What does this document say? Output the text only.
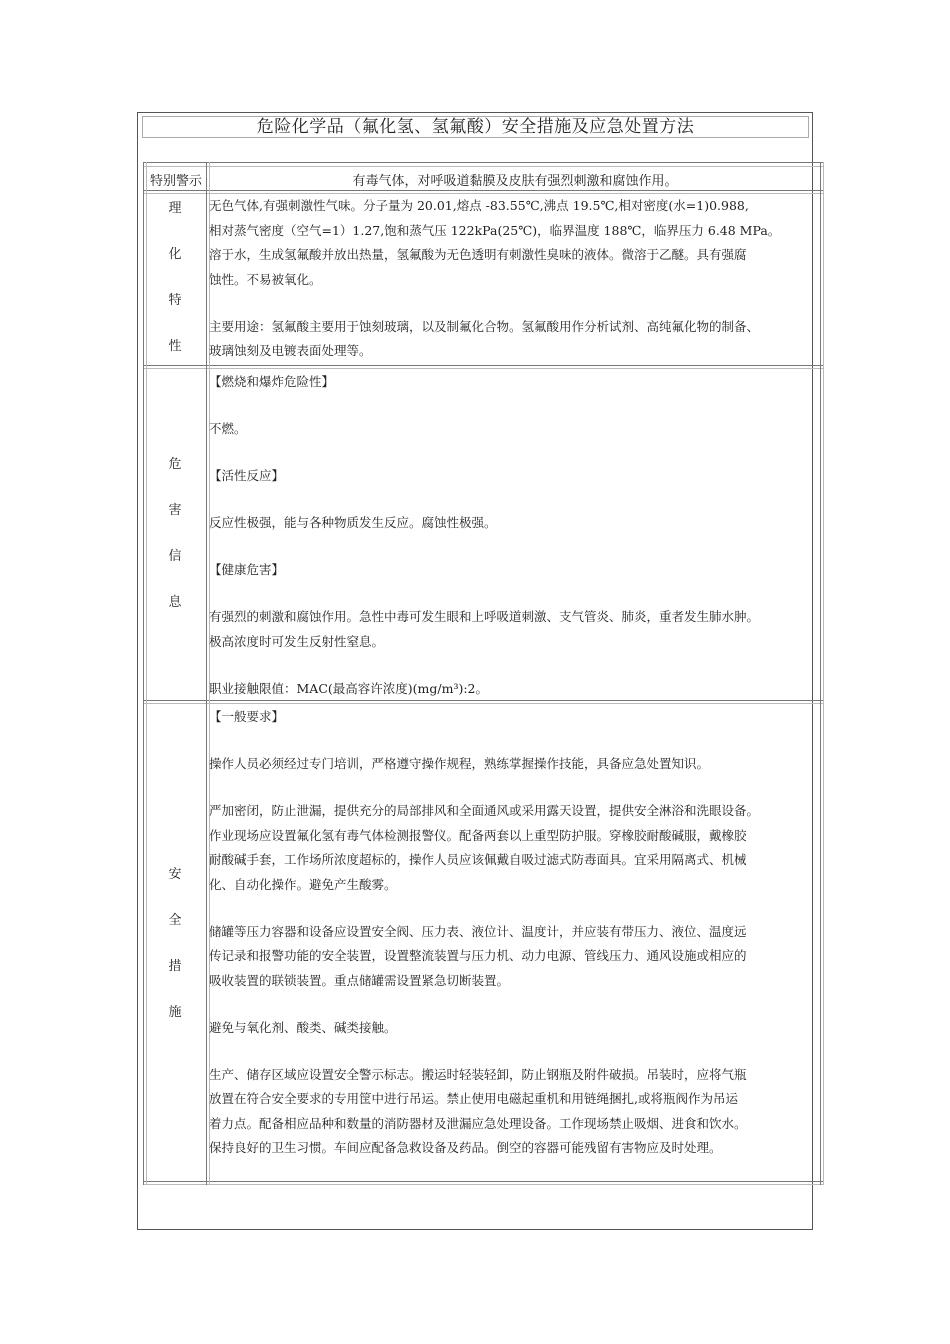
危险化学品（氟化氢、氢氟酸）安全措施及应急处置方法
特别警示	有毒气体，对呼吸道黏膜及皮肤有强烈刺激和腐蚀作用。
理
化
特
性
无色气体,有强刺激性气味。分子量为 20.01,熔点 -83.55℃,沸点 19.5℃,相对密度(水=1)0.988,
相对蒸气密度（空气=1）1.27,饱和蒸气压 122kPa(25℃)，临界温度 188℃，临界压力 6.48 MPa。
溶于水，生成氢氟酸并放出热量，氢氟酸为无色透明有刺激性臭味的液体。微溶于乙醚。具有强腐
蚀性。不易被氧化。
主要用途：氢氟酸主要用于蚀刻玻璃，以及制氟化合物。氢氟酸用作分析试剂、高纯氟化物的制备、
玻璃蚀刻及电镀表面处理等。
危
害
信
息
【燃烧和爆炸危险性】
不燃。
【活性反应】
反应性极强，能与各种物质发生反应。腐蚀性极强。
【健康危害】
有强烈的刺激和腐蚀作用。急性中毒可发生眼和上呼吸道刺激、支气管炎、肺炎，重者发生肺水肿。
极高浓度时可发生反射性窒息。
职业接触限值：MAC(最高容许浓度)(mg/m³):2。
安
全
措
施
【一般要求】
操作人员必须经过专门培训，严格遵守操作规程，熟练掌握操作技能，具备应急处置知识。
严加密闭，防止泄漏，提供充分的局部排风和全面通风或采用露天设置，提供安全淋浴和洗眼设备。
作业现场应设置氟化氢有毒气体检测报警仪。配备两套以上重型防护服。穿橡胶耐酸碱服，戴橡胶
耐酸碱手套，工作场所浓度超标的，操作人员应该佩戴自吸过滤式防毒面具。宜采用隔离式、机械
化、自动化操作。避免产生酸雾。
储罐等压力容器和设备应设置安全阀、压力表、液位计、温度计，并应装有带压力、液位、温度远
传记录和报警功能的安全装置，设置整流装置与压力机、动力电源、管线压力、通风设施或相应的
吸收装置的联锁装置。重点储罐需设置紧急切断装置。
避免与氧化剂、酸类、碱类接触。
生产、储存区域应设置安全警示标志。搬运时轻装轻卸，防止钢瓶及附件破损。吊装时，应将气瓶
放置在符合安全要求的专用筐中进行吊运。禁止使用电磁起重机和用链绳捆扎,或将瓶阀作为吊运
着力点。配备相应品种和数量的消防器材及泄漏应急处理设备。工作现场禁止吸烟、进食和饮水。
保持良好的卫生习惯。车间应配备急救设备及药品。倒空的容器可能残留有害物应及时处理。
